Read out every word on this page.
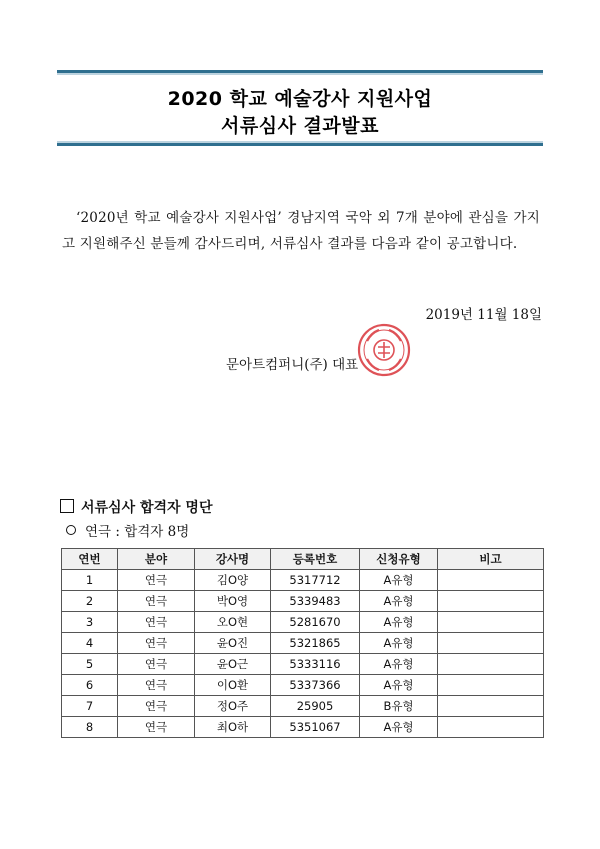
2020 학교 예술강사 지원사업
서류심사 결과발표
‘2020년 학교 예술강사 지원사업’ 경남지역 국악 외 7개 분야에 관심을 가지고 지원해주신 분들께 감사드리며, 서류심사 결과를 다음과 같이 공고합니다.
2019년 11월 18일
문아트컴퍼니(주) 대표
서류심사 합격자 명단
연극 : 합격자 8명
연번	분야	강사명	등록번호	신청유형	비고
1	연극	김O양	5317712	A유형	
2	연극	박O영	5339483	A유형	
3	연극	오O현	5281670	A유형	
4	연극	윤O진	5321865	A유형	
5	연극	윤O근	5333116	A유형	
6	연극	이O환	5337366	A유형	
7	연극	정O주	25905	B유형	
8	연극	최O하	5351067	A유형	
